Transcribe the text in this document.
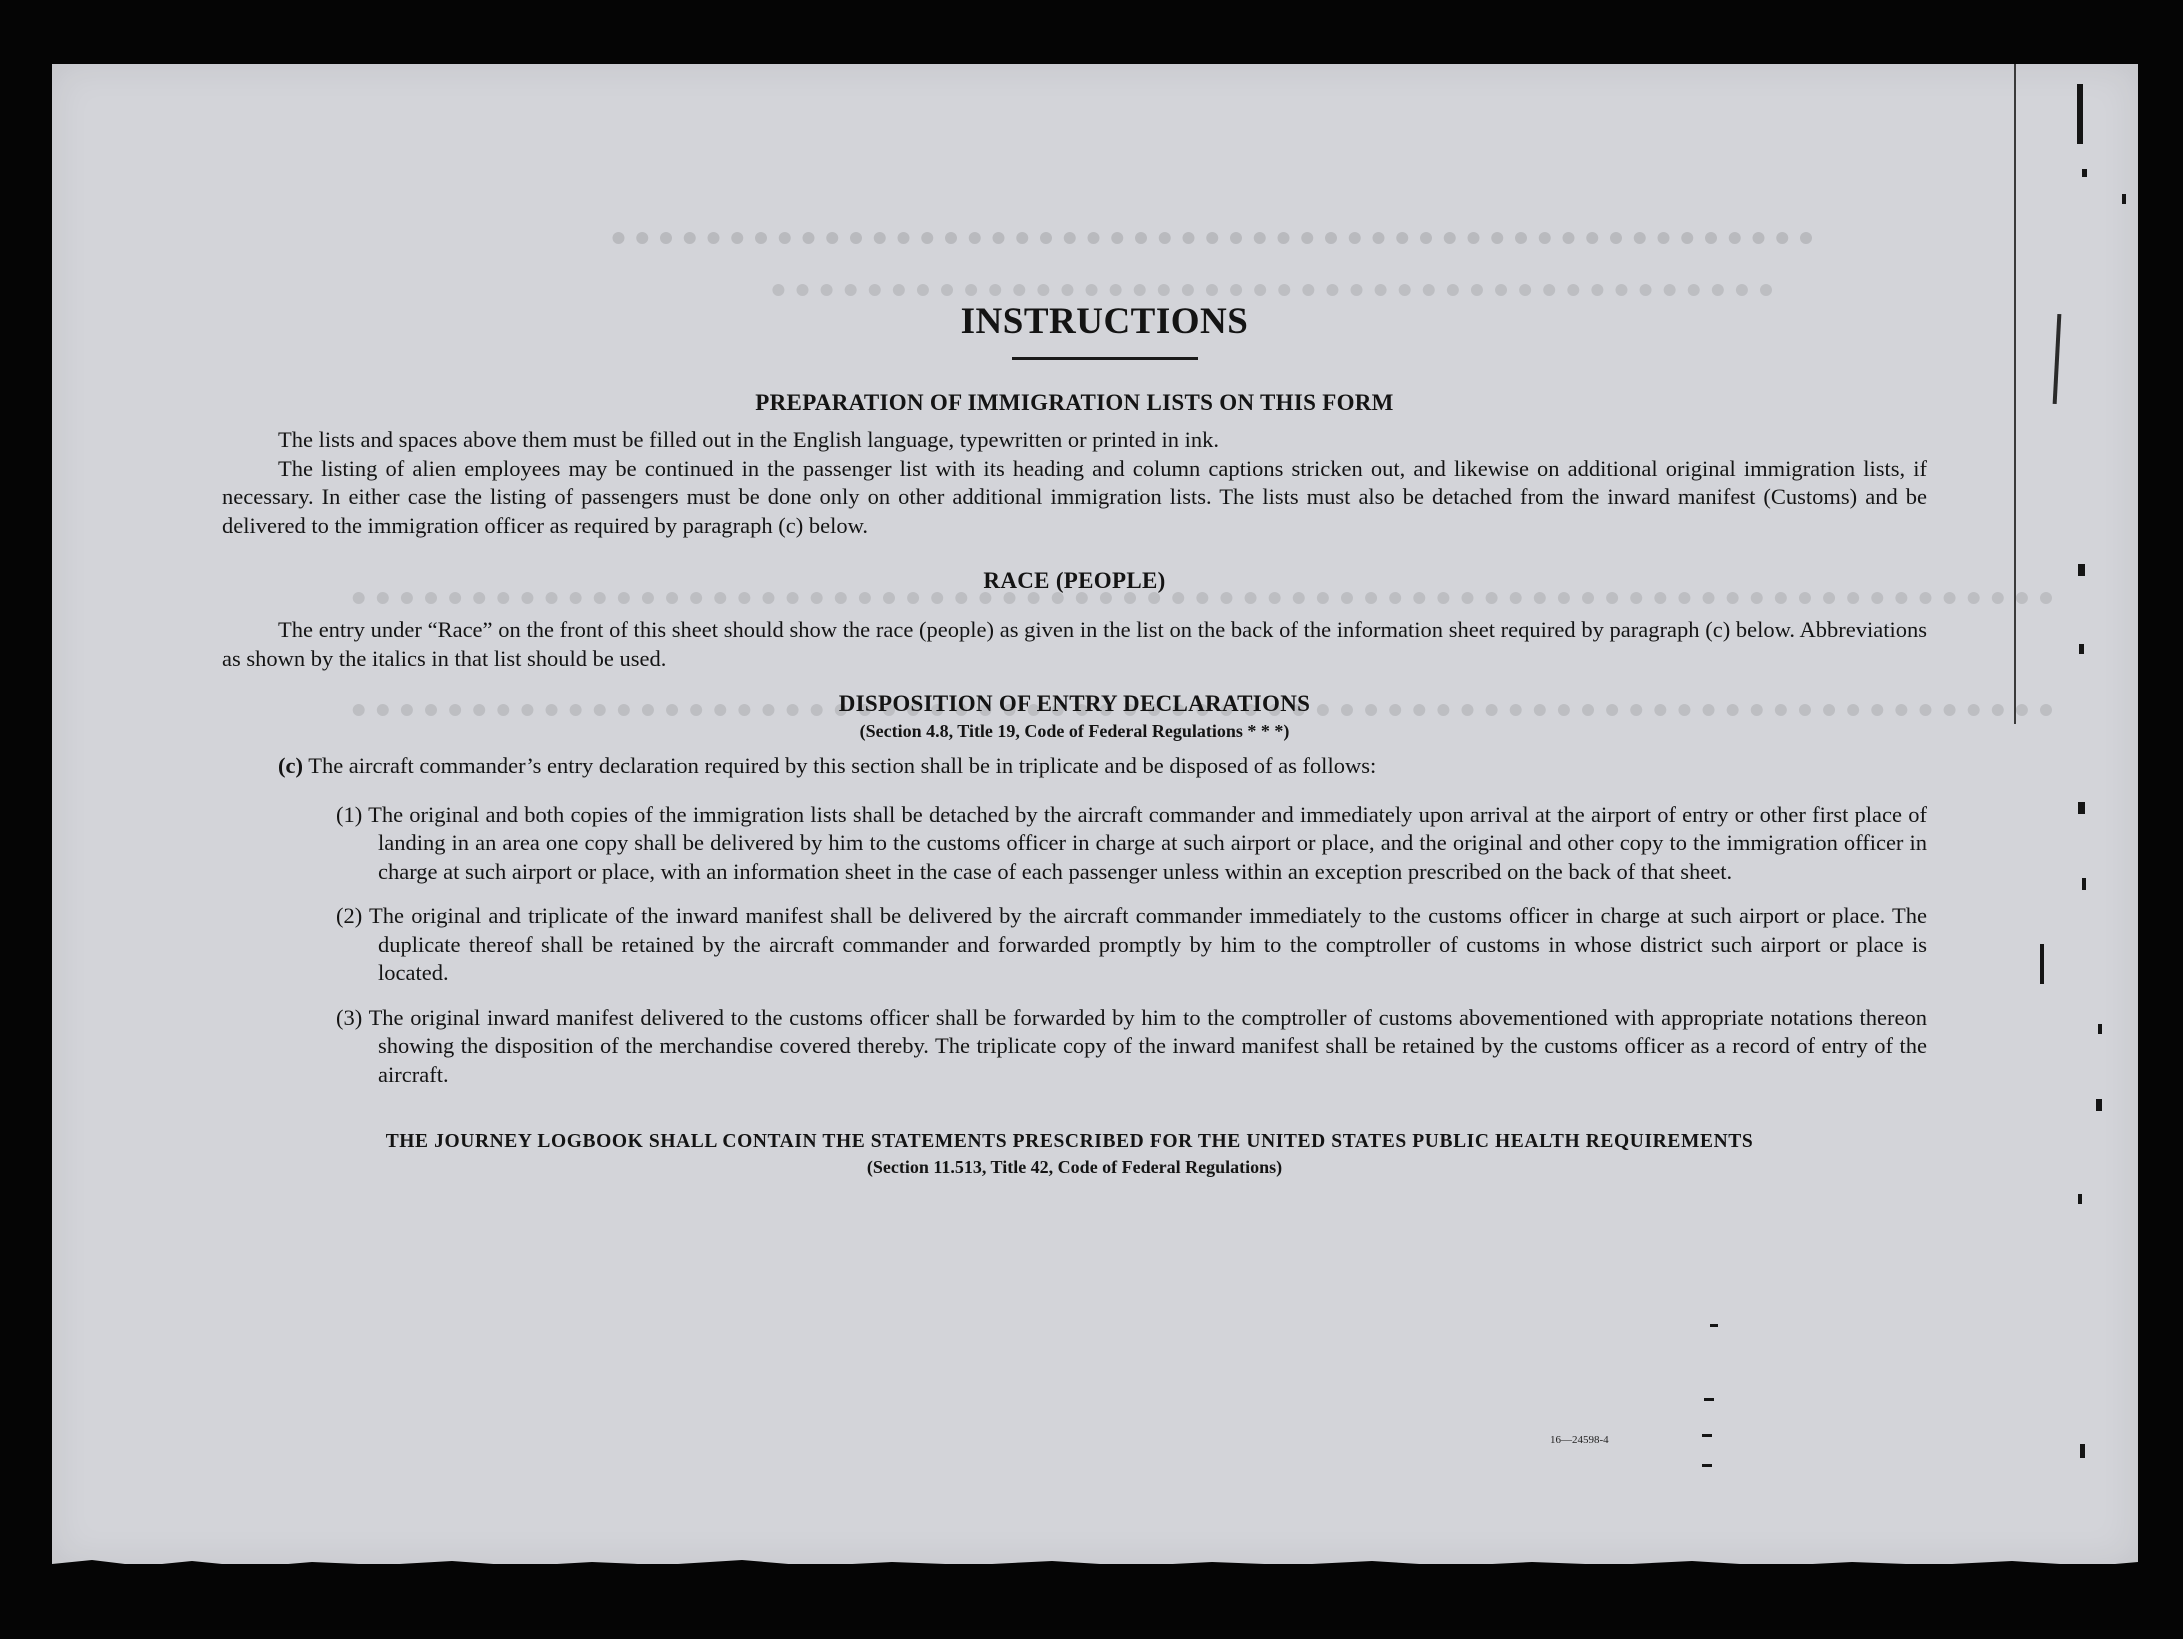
16—24598-4
INSTRUCTIONS
PREPARATION OF IMMIGRATION LISTS ON THIS FORM

The lists and spaces above them must be filled out in the English language, typewritten or printed in ink.

The listing of alien employees may be continued in the passenger list with its heading and column captions stricken out, and likewise on additional original immigration lists, if necessary. In either case the listing of passengers must be done only on other additional immigration lists. The lists must also be detached from the inward manifest (Customs) and be delivered to the immigration officer as required by paragraph (c) below.

RACE (PEOPLE)

The entry under “Race” on the front of this sheet should show the race (people) as given in the list on the back of the information sheet required by paragraph (c) below. Abbreviations as shown by the italics in that list should be used.

DISPOSITION OF ENTRY DECLARATIONS
(Section 4.8, Title 19, Code of Federal Regulations * * *)

(c) The aircraft commander’s entry declaration required by this section shall be in triplicate and be disposed of as follows:

(1) The original and both copies of the immigration lists shall be detached by the aircraft commander and immediately upon arrival at the airport of entry or other first place of landing in an area one copy shall be delivered by him to the customs officer in charge at such airport or place, and the original and other copy to the immigration officer in charge at such airport or place, with an information sheet in the case of each passenger unless within an exception prescribed on the back of that sheet.

(2) The original and triplicate of the inward manifest shall be delivered by the aircraft commander immediately to the customs officer in charge at such airport or place. The duplicate thereof shall be retained by the aircraft commander and forwarded promptly by him to the comptroller of customs in whose district such airport or place is located.

(3) The original inward manifest delivered to the customs officer shall be forwarded by him to the comptroller of customs abovementioned with appropriate notations thereon showing the disposition of the merchandise covered thereby. The triplicate copy of the inward manifest shall be retained by the customs officer as a record of entry of the aircraft.

THE JOURNEY LOGBOOK SHALL CONTAIN THE STATEMENTS PRESCRIBED FOR THE UNITED STATES PUBLIC HEALTH REQUIREMENTS
(Section 11.513, Title 42, Code of Federal Regulations)
